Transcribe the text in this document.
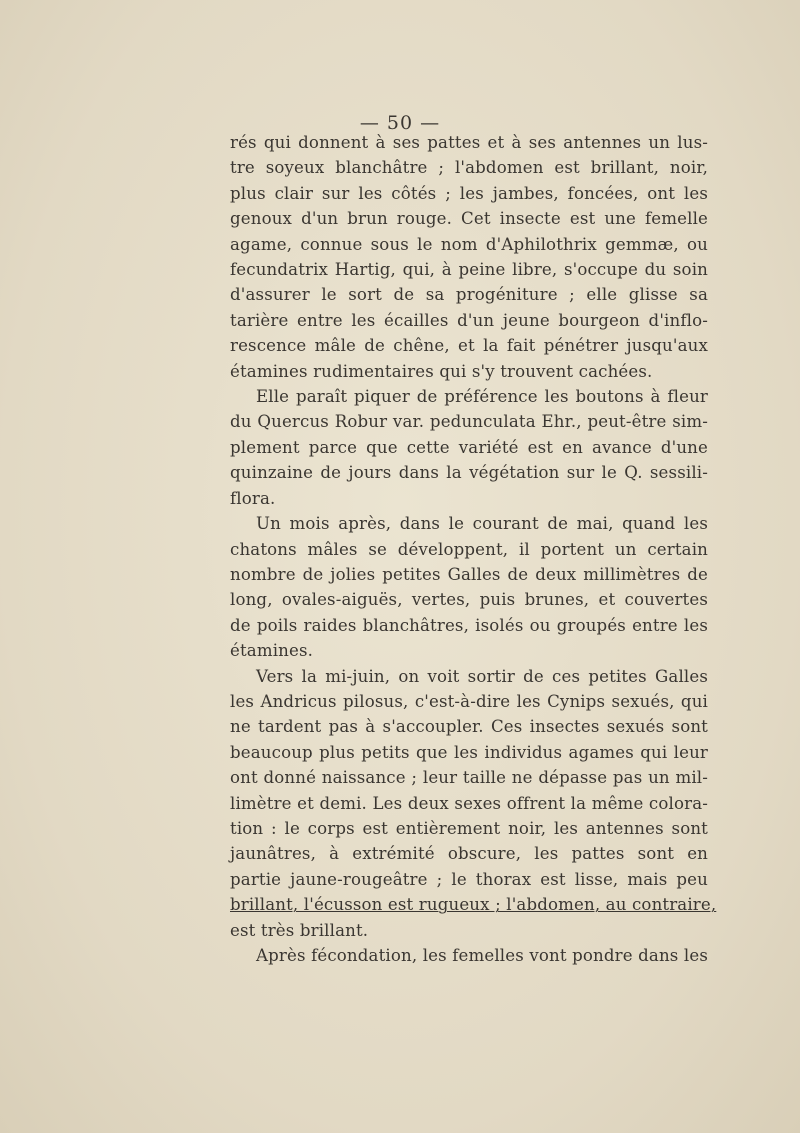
— 50 —
rés qui donnent à ses pattes et à ses antennes un lus-
tre soyeux blanchâtre ; l'abdomen est brillant, noir,
plus clair sur les côtés ; les jambes, foncées, ont les
genoux d'un brun rouge. Cet insecte est une femelle
agame, connue sous le nom d'Aphilothrix gemmæ, ou
fecundatrix Hartig, qui, à peine libre, s'occupe du soin
d'assurer le sort de sa progéniture ; elle glisse sa
tarière entre les écailles d'un jeune bourgeon d'inflo-
rescence mâle de chêne, et la fait pénétrer jusqu'aux
étamines rudimentaires qui s'y trouvent cachées.
Elle paraît piquer de préférence les boutons à fleur
du Quercus Robur var. pedunculata Ehr., peut-être sim-
plement parce que cette variété est en avance d'une
quinzaine de jours dans la végétation sur le Q. sessili-
flora.
Un mois après, dans le courant de mai, quand les
chatons mâles se développent, il portent un certain
nombre de jolies petites Galles de deux millimètres de
long, ovales-aiguës, vertes, puis brunes, et couvertes
de poils raides blanchâtres, isolés ou groupés entre les
étamines.
Vers la mi-juin, on voit sortir de ces petites Galles
les Andricus pilosus, c'est-à-dire les Cynips sexués, qui
ne tardent pas à s'accoupler. Ces insectes sexués sont
beaucoup plus petits que les individus agames qui leur
ont donné naissance ; leur taille ne dépasse pas un mil-
limètre et demi. Les deux sexes offrent la même colora-
tion : le corps est entièrement noir, les antennes sont
jaunâtres, à extrémité obscure, les pattes sont en
partie jaune-rougeâtre ; le thorax est lisse, mais peu
brillant, l'écusson est rugueux ; l'abdomen, au contraire,
est très brillant.
Après fécondation, les femelles vont pondre dans les
